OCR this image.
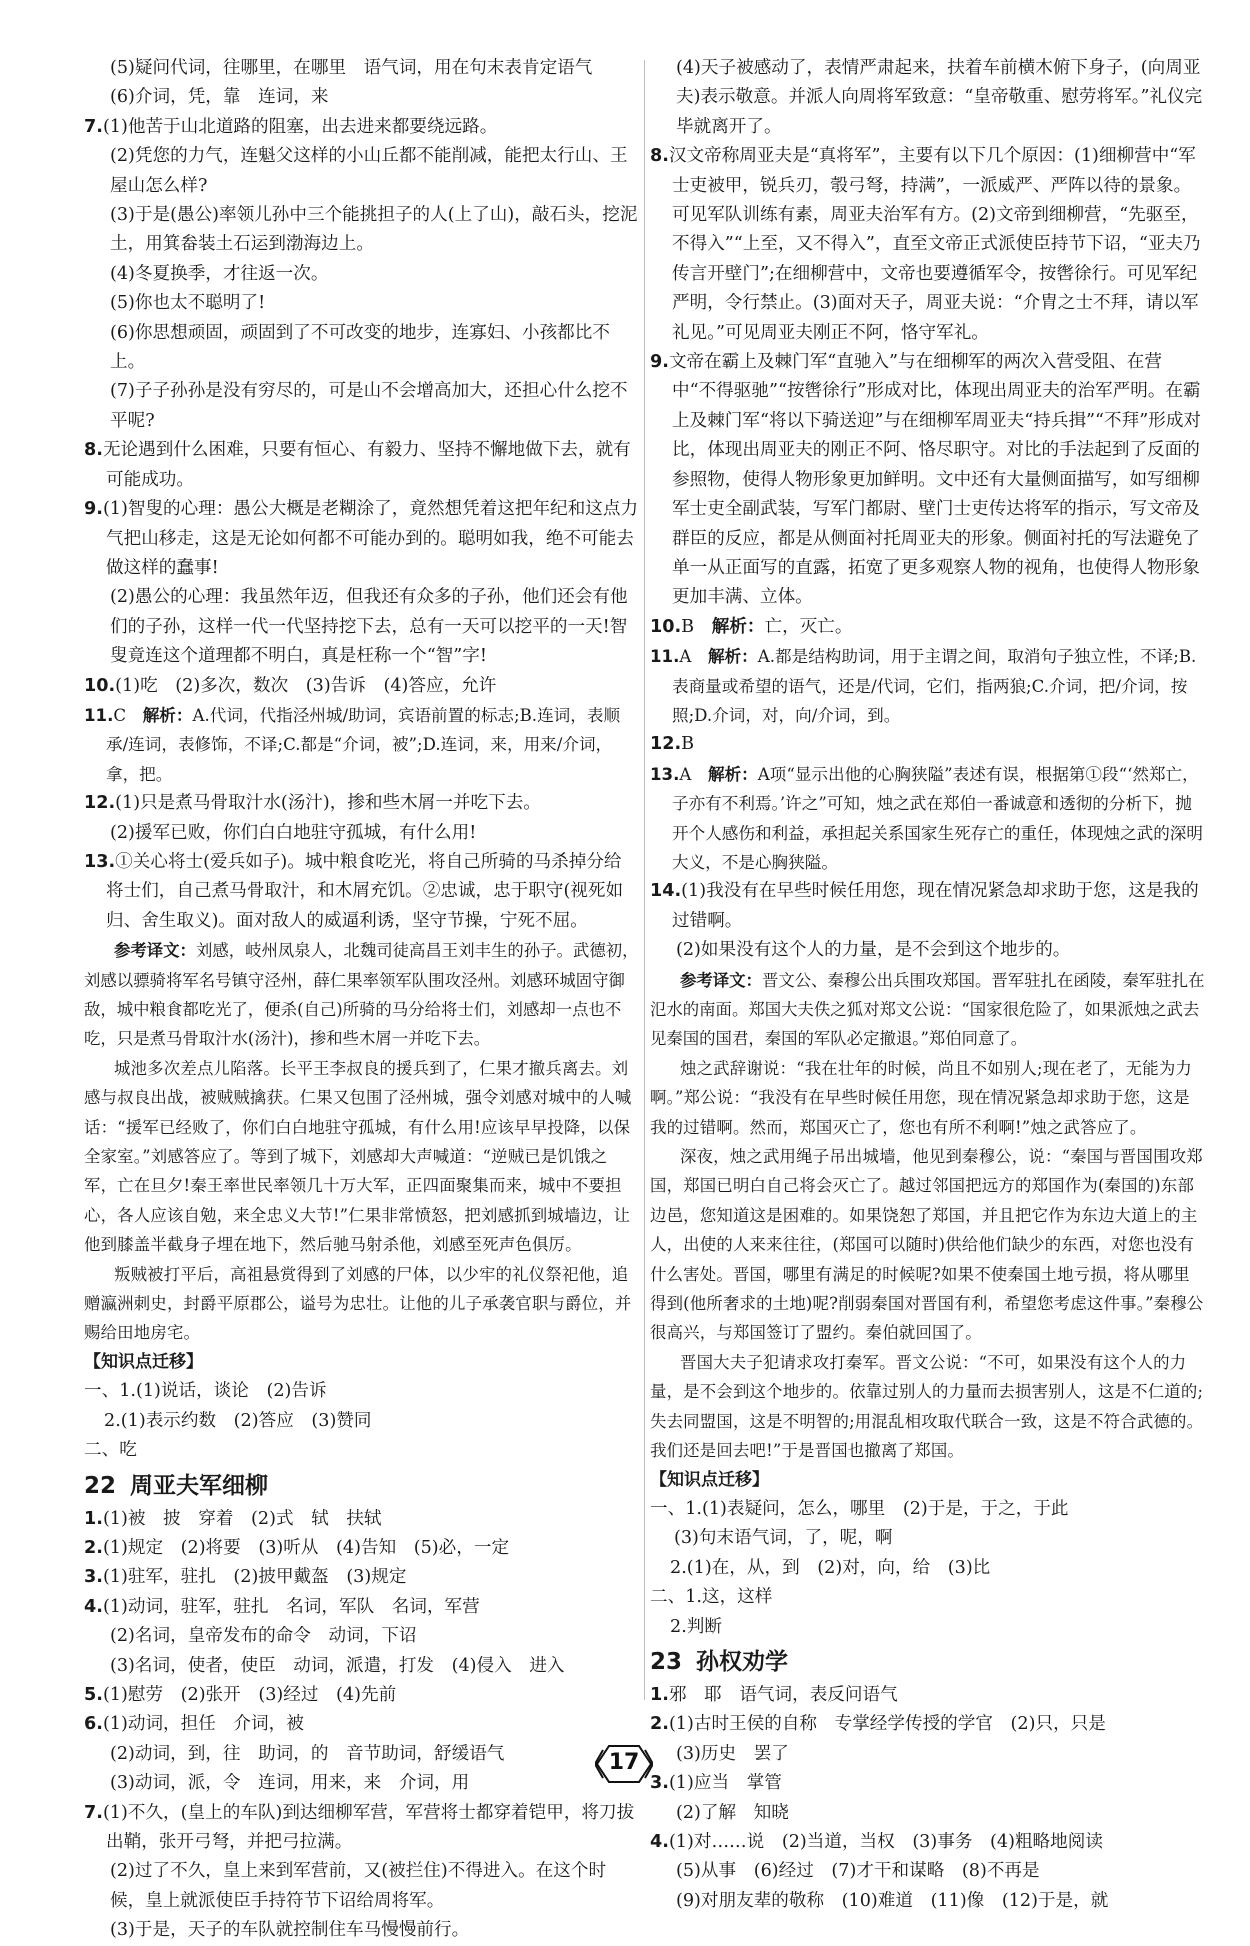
(5)疑问代词，往哪里，在哪里　语气词，用在句末表肯定语气

(6)介词，凭，靠　连词，来

7.(1)他苦于山北道路的阻塞，出去进来都要绕远路。

(2)凭您的力气，连魁父这样的小山丘都不能削减，能把太行山、王屋山怎么样?

(3)于是(愚公)率领儿孙中三个能挑担子的人(上了山)，敲石头，挖泥土，用箕畚装土石运到渤海边上。

(4)冬夏换季，才往返一次。

(5)你也太不聪明了!

(6)你思想顽固，顽固到了不可改变的地步，连寡妇、小孩都比不上。

(7)子子孙孙是没有穷尽的，可是山不会增高加大，还担心什么挖不平呢?

8.无论遇到什么困难，只要有恒心、有毅力、坚持不懈地做下去，就有可能成功。

9.(1)智叟的心理：愚公大概是老糊涂了，竟然想凭着这把年纪和这点力气把山移走，这是无论如何都不可能办到的。聪明如我，绝不可能去做这样的蠢事!

(2)愚公的心理：我虽然年迈，但我还有众多的子孙，他们还会有他们的子孙，这样一代一代坚持挖下去，总有一天可以挖平的一天!智叟竟连这个道理都不明白，真是枉称一个“智”字!

10.(1)吃　(2)多次，数次　(3)告诉　(4)答应，允许

11.C　 解析：A.代词，代指泾州城/助词，宾语前置的标志;B.连词，表顺承/连词，表修饰，不译;C.都是“介词，被”;D.连词，来，用来/介词，拿，把。

12.(1)只是煮马骨取汁水(汤汁)，掺和些木屑一并吃下去。

(2)援军已败，你们白白地驻守孤城，有什么用!

13.①关心将士(爱兵如子)。城中粮食吃光，将自己所骑的马杀掉分给将士们，自己煮马骨取汁，和木屑充饥。②忠诚，忠于职守(视死如归、舍生取义)。面对敌人的威逼利诱，坚守节操，宁死不屈。

参考译文：刘感，岐州凤泉人，北魏司徒高昌王刘丰生的孙子。武德初，刘感以骠骑将军名号镇守泾州，薛仁果率领军队围攻泾州。刘感环城固守御敌，城中粮食都吃光了，便杀(自己)所骑的马分给将士们，刘感却一点也不吃，只是煮马骨取汁水(汤汁)，掺和些木屑一并吃下去。

城池多次差点儿陷落。长平王李叔良的援兵到了，仁果才撤兵离去。刘感与叔良出战，被贼贼擒获。仁果又包围了泾州城，强令刘感对城中的人喊话：“援军已经败了，你们白白地驻守孤城，有什么用!应该早早投降，以保全家室。”刘感答应了。等到了城下，刘感却大声喊道：“逆贼已是饥饿之军，亡在旦夕!秦王率世民率领几十万大军，正四面聚集而来，城中不要担心，各人应该自勉，来全忠义大节!”仁果非常愤怒，把刘感抓到城墙边，让他到膝盖半截身子埋在地下，然后驰马射杀他，刘感至死声色俱厉。

叛贼被打平后，高祖悬赏得到了刘感的尸体，以少牢的礼仪祭祀他，追赠瀛洲刺史，封爵平原郡公，谥号为忠壮。让他的儿子承袭官职与爵位，并赐给田地房宅。

【知识点迁移】

一、1.(1)说话，谈论　(2)告诉

2.(1)表示约数　(2)答应　(3)赞同

二、吃

22 周亚夫军细柳

1.(1)被　披　穿着　(2)式　轼　扶轼

2.(1)规定　(2)将要　(3)听从　(4)告知　(5)必，一定

3.(1)驻军，驻扎　(2)披甲戴盔　(3)规定

4.(1)动词，驻军，驻扎　名词，军队　名词，军营

(2)名词，皇帝发布的命令　动词，下诏

(3)名词，使者，使臣　动词，派遣，打发　(4)侵入　进入

5.(1)慰劳　(2)张开　(3)经过　(4)先前

6.(1)动词，担任　介词，被

(2)动词，到，往　助词，的　音节助词，舒缓语气

(3)动词，派，令　连词，用来，来　介词，用

7.(1)不久，(皇上的车队)到达细柳军营，军营将士都穿着铠甲，将刀拔出鞘，张开弓弩，并把弓拉满。

(2)过了不久，皇上来到军营前，又(被拦住)不得进入。在这个时候，皇上就派使臣手持符节下诏给周将军。

(3)于是，天子的车队就控制住车马慢慢前行。

(4)天子被感动了，表情严肃起来，扶着车前横木俯下身子，(向周亚夫)表示敬意。并派人向周将军致意：“皇帝敬重、慰劳将军。”礼仪完毕就离开了。

8.汉文帝称周亚夫是“真将军”，主要有以下几个原因：(1)细柳营中“军士吏被甲，锐兵刃，彀弓弩，持满”，一派威严、严阵以待的景象。可见军队训练有素，周亚夫治军有方。(2)文帝到细柳营，“先驱至，不得入”“上至，又不得入”，直至文帝正式派使臣持节下诏，“亚夫乃传言开壁门”;在细柳营中，文帝也要遵循军令，按辔徐行。可见军纪严明，令行禁止。(3)面对天子，周亚夫说：“介胄之士不拜，请以军礼见。”可见周亚夫刚正不阿，恪守军礼。

9.文帝在霸上及棘门军“直驰入”与在细柳军的两次入营受阻、在营中“不得驱驰”“按辔徐行”形成对比，体现出周亚夫的治军严明。在霸上及棘门军“将以下骑送迎”与在细柳军周亚夫“持兵揖”“不拜”形成对比，体现出周亚夫的刚正不阿、恪尽职守。对比的手法起到了反面的参照物，使得人物形象更加鲜明。文中还有大量侧面描写，如写细柳军士吏全副武装，写军门都尉、壁门士吏传达将军的指示，写文帝及群臣的反应，都是从侧面衬托周亚夫的形象。侧面衬托的写法避免了单一从正面写的直露，拓宽了更多观察人物的视角，也使得人物形象更加丰满、立体。

10.B　 解析：亡，灭亡。

11.A　 解析：A.都是结构助词，用于主谓之间，取消句子独立性，不译;B.表商量或希望的语气，还是/代词，它们，指两狼;C.介词，把/介词，按照;D.介词，对，向/介词，到。

12.B

13.A　 解析：A项“显示出他的心胸狭隘”表述有误，根据第①段“‘然郑亡，子亦有不利焉。’许之”可知，烛之武在郑伯一番诚意和透彻的分析下，抛开个人感伤和利益，承担起关系国家生死存亡的重任，体现烛之武的深明大义，不是心胸狭隘。

14.(1)我没有在早些时候任用您，现在情况紧急却求助于您，这是我的过错啊。

(2)如果没有这个人的力量，是不会到这个地步的。

参考译文：晋文公、秦穆公出兵围攻郑国。晋军驻扎在函陵，秦军驻扎在氾水的南面。郑国大夫佚之狐对郑文公说：“国家很危险了，如果派烛之武去见秦国的国君，秦国的军队必定撤退。”郑伯同意了。

烛之武辞谢说：“我在壮年的时候，尚且不如别人;现在老了，无能为力啊。”郑公说：“我没有在早些时候任用您，现在情况紧急却求助于您，这是我的过错啊。然而，郑国灭亡了，您也有所不利啊!”烛之武答应了。

深夜，烛之武用绳子吊出城墙，他见到秦穆公，说：“秦国与晋国围攻郑国，郑国已明白自己将会灭亡了。越过邻国把远方的郑国作为(秦国的)东部边邑，您知道这是困难的。如果饶恕了郑国，并且把它作为东边大道上的主人，出使的人来来往往，(郑国可以随时)供给他们缺少的东西，对您也没有什么害处。晋国，哪里有满足的时候呢?如果不使秦国土地亏损，将从哪里得到(他所奢求的土地)呢?削弱秦国对晋国有利，希望您考虑这件事。”秦穆公很高兴，与郑国签订了盟约。秦伯就回国了。

晋国大夫子犯请求攻打秦军。晋文公说：“不可，如果没有这个人的力量，是不会到这个地步的。依靠过别人的力量而去损害别人，这是不仁道的;失去同盟国，这是不明智的;用混乱相攻取代联合一致，这是不符合武德的。我们还是回去吧!”于是晋国也撤离了郑国。

【知识点迁移】

一、1.(1)表疑问，怎么，哪里　(2)于是，于之，于此

(3)句末语气词，了，呢，啊

2.(1)在，从，到　(2)对，向，给　(3)比

二、1.这，这样

2.判断

23 孙权劝学

1.邪　耶　语气词，表反问语气

2.(1)古时王侯的自称　专掌经学传授的学官　(2)只，只是

(3)历史　罢了

3.(1)应当　掌管

(2)了解　知晓

4.(1)对……说　(2)当道，当权　(3)事务　(4)粗略地阅读

(5)从事　(6)经过　(7)才干和谋略　(8)不再是

(9)对朋友辈的敬称　(10)难道　(11)像　(12)于是，就

17
